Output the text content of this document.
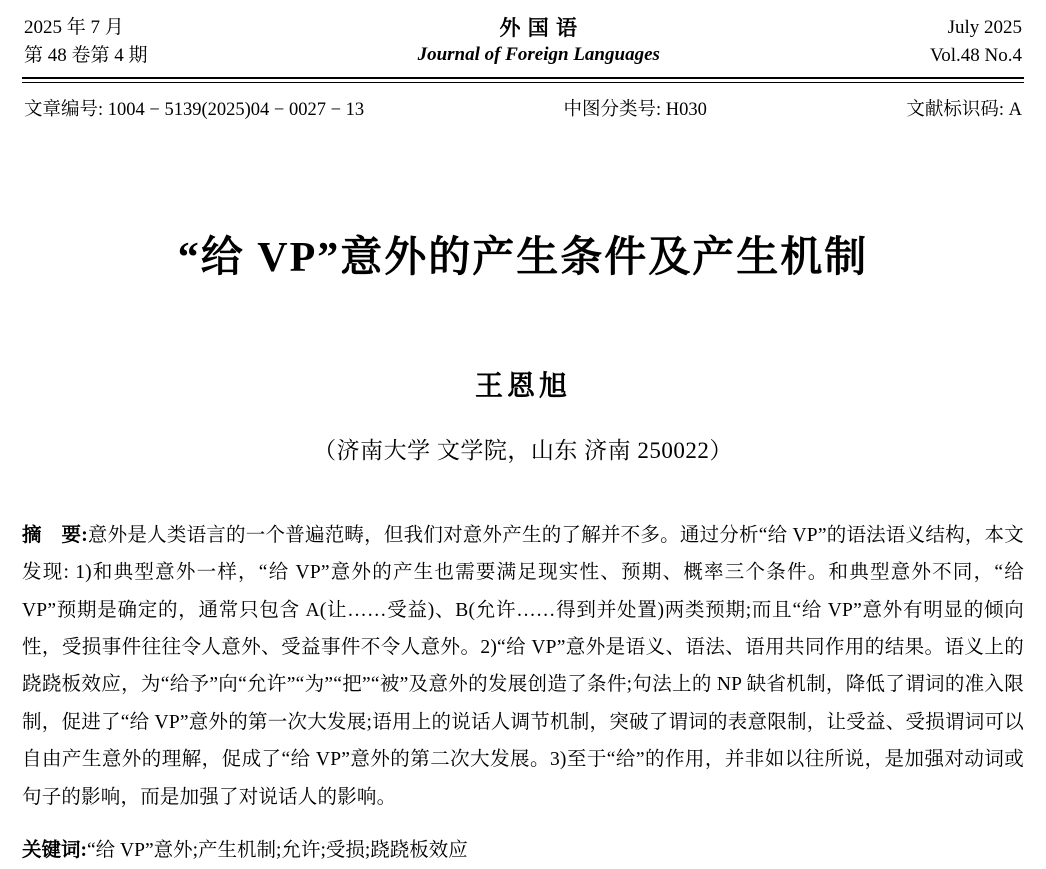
2025 年 7 月
第 48 卷第 4 期
外 国 语
Journal of Foreign Languages
July 2025
Vol.48 No.4
文章编号: 1004 − 5139(2025)04 − 0027 − 13	中图分类号: H030	文献标识码: A
“给 VP”意外的产生条件及产生机制
王恩旭
（济南大学 文学院，山东 济南 250022）
摘　要:意外是人类语言的一个普遍范畴，但我们对意外产生的了解并不多。通过分析“给 VP”的语法语义结构，本文发现: 1)和典型意外一样，“给 VP”意外的产生也需要满足现实性、预期、概率三个条件。和典型意外不同，“给 VP”预期是确定的，通常只包含 A(让……受益)、B(允许……得到并处置)两类预期;而且“给 VP”意外有明显的倾向性，受损事件往往令人意外、受益事件不令人意外。2)“给 VP”意外是语义、语法、语用共同作用的结果。语义上的跷跷板效应，为“给予”向“允许”“为”“把”“被”及意外的发展创造了条件;句法上的 NP 缺省机制，降低了谓词的准入限制，促进了“给 VP”意外的第一次大发展;语用上的说话人调节机制，突破了谓词的表意限制，让受益、受损谓词可以自由产生意外的理解，促成了“给 VP”意外的第二次大发展。3)至于“给”的作用，并非如以往所说，是加强对动词或句子的影响，而是加强了对说话人的影响。
关键词:“给 VP”意外;产生机制;允许;受损;跷跷板效应
